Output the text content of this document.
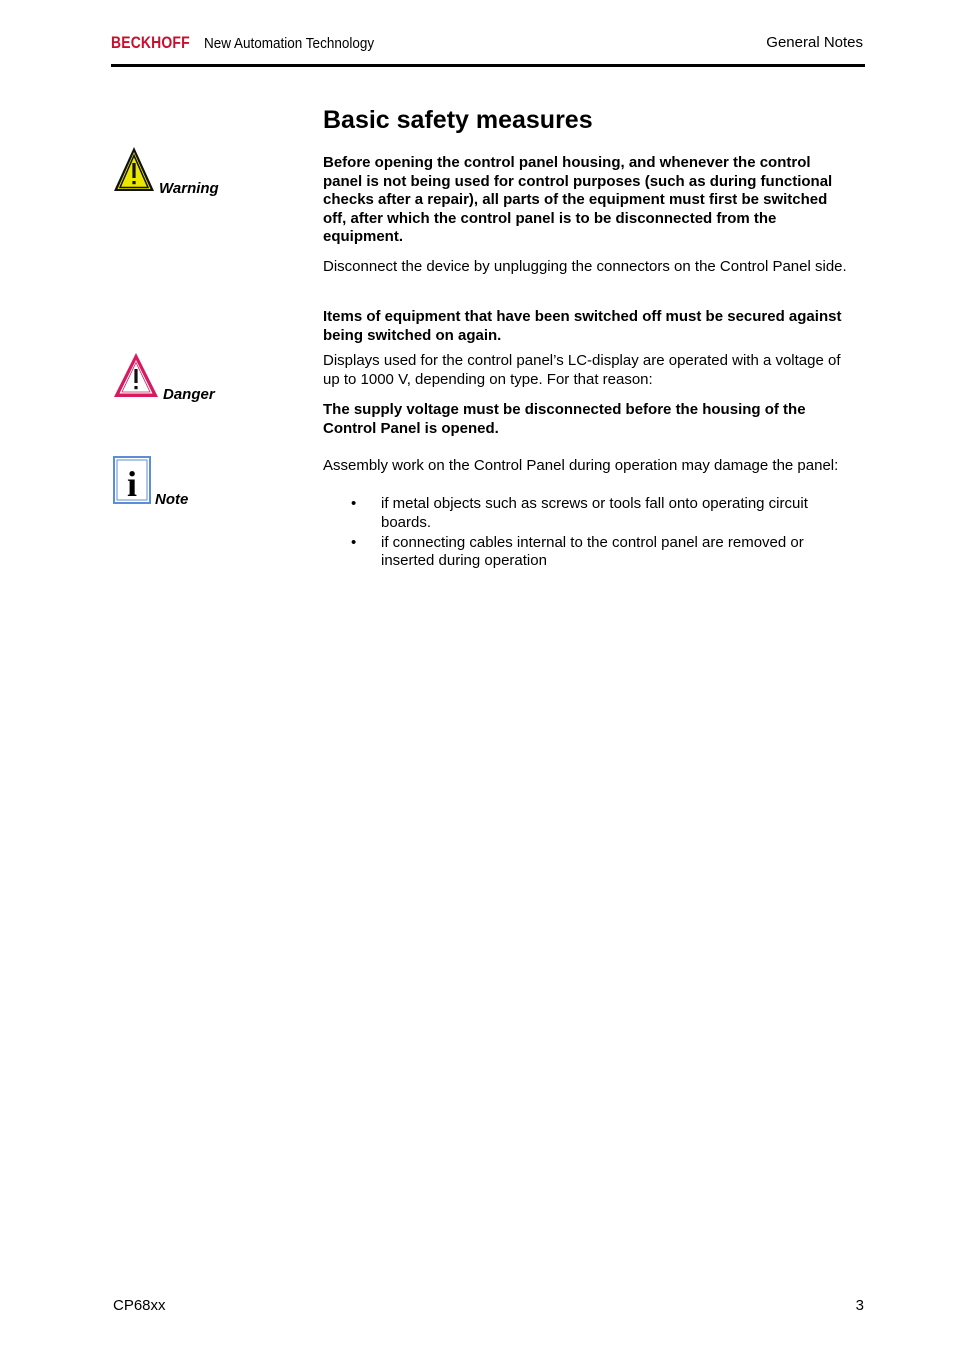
BECKHOFF New Automation Technology	General Notes
Basic safety measures
Warning
Danger
i Note

Before opening the control panel housing, and whenever the control panel is not being used for control purposes (such as during functional checks after a repair), all parts of the equipment must first be switched off, after which the control panel is to be disconnected from the equipment.

Disconnect the device by unplugging the connectors on the Control Panel side.

Items of equipment that have been switched off must be secured against being switched on again.

Displays used for the control panel’s LC-display are operated with a voltage of up to 1000 V, depending on type. For that reason:

The supply voltage must be disconnected before the housing of the Control Panel is opened.

Assembly work on the Control Panel during operation may damage the panel:

• if metal objects such as screws or tools fall onto operating circuit boards.
• if connecting cables internal to the control panel are removed or inserted during operation
CP68xx	3
